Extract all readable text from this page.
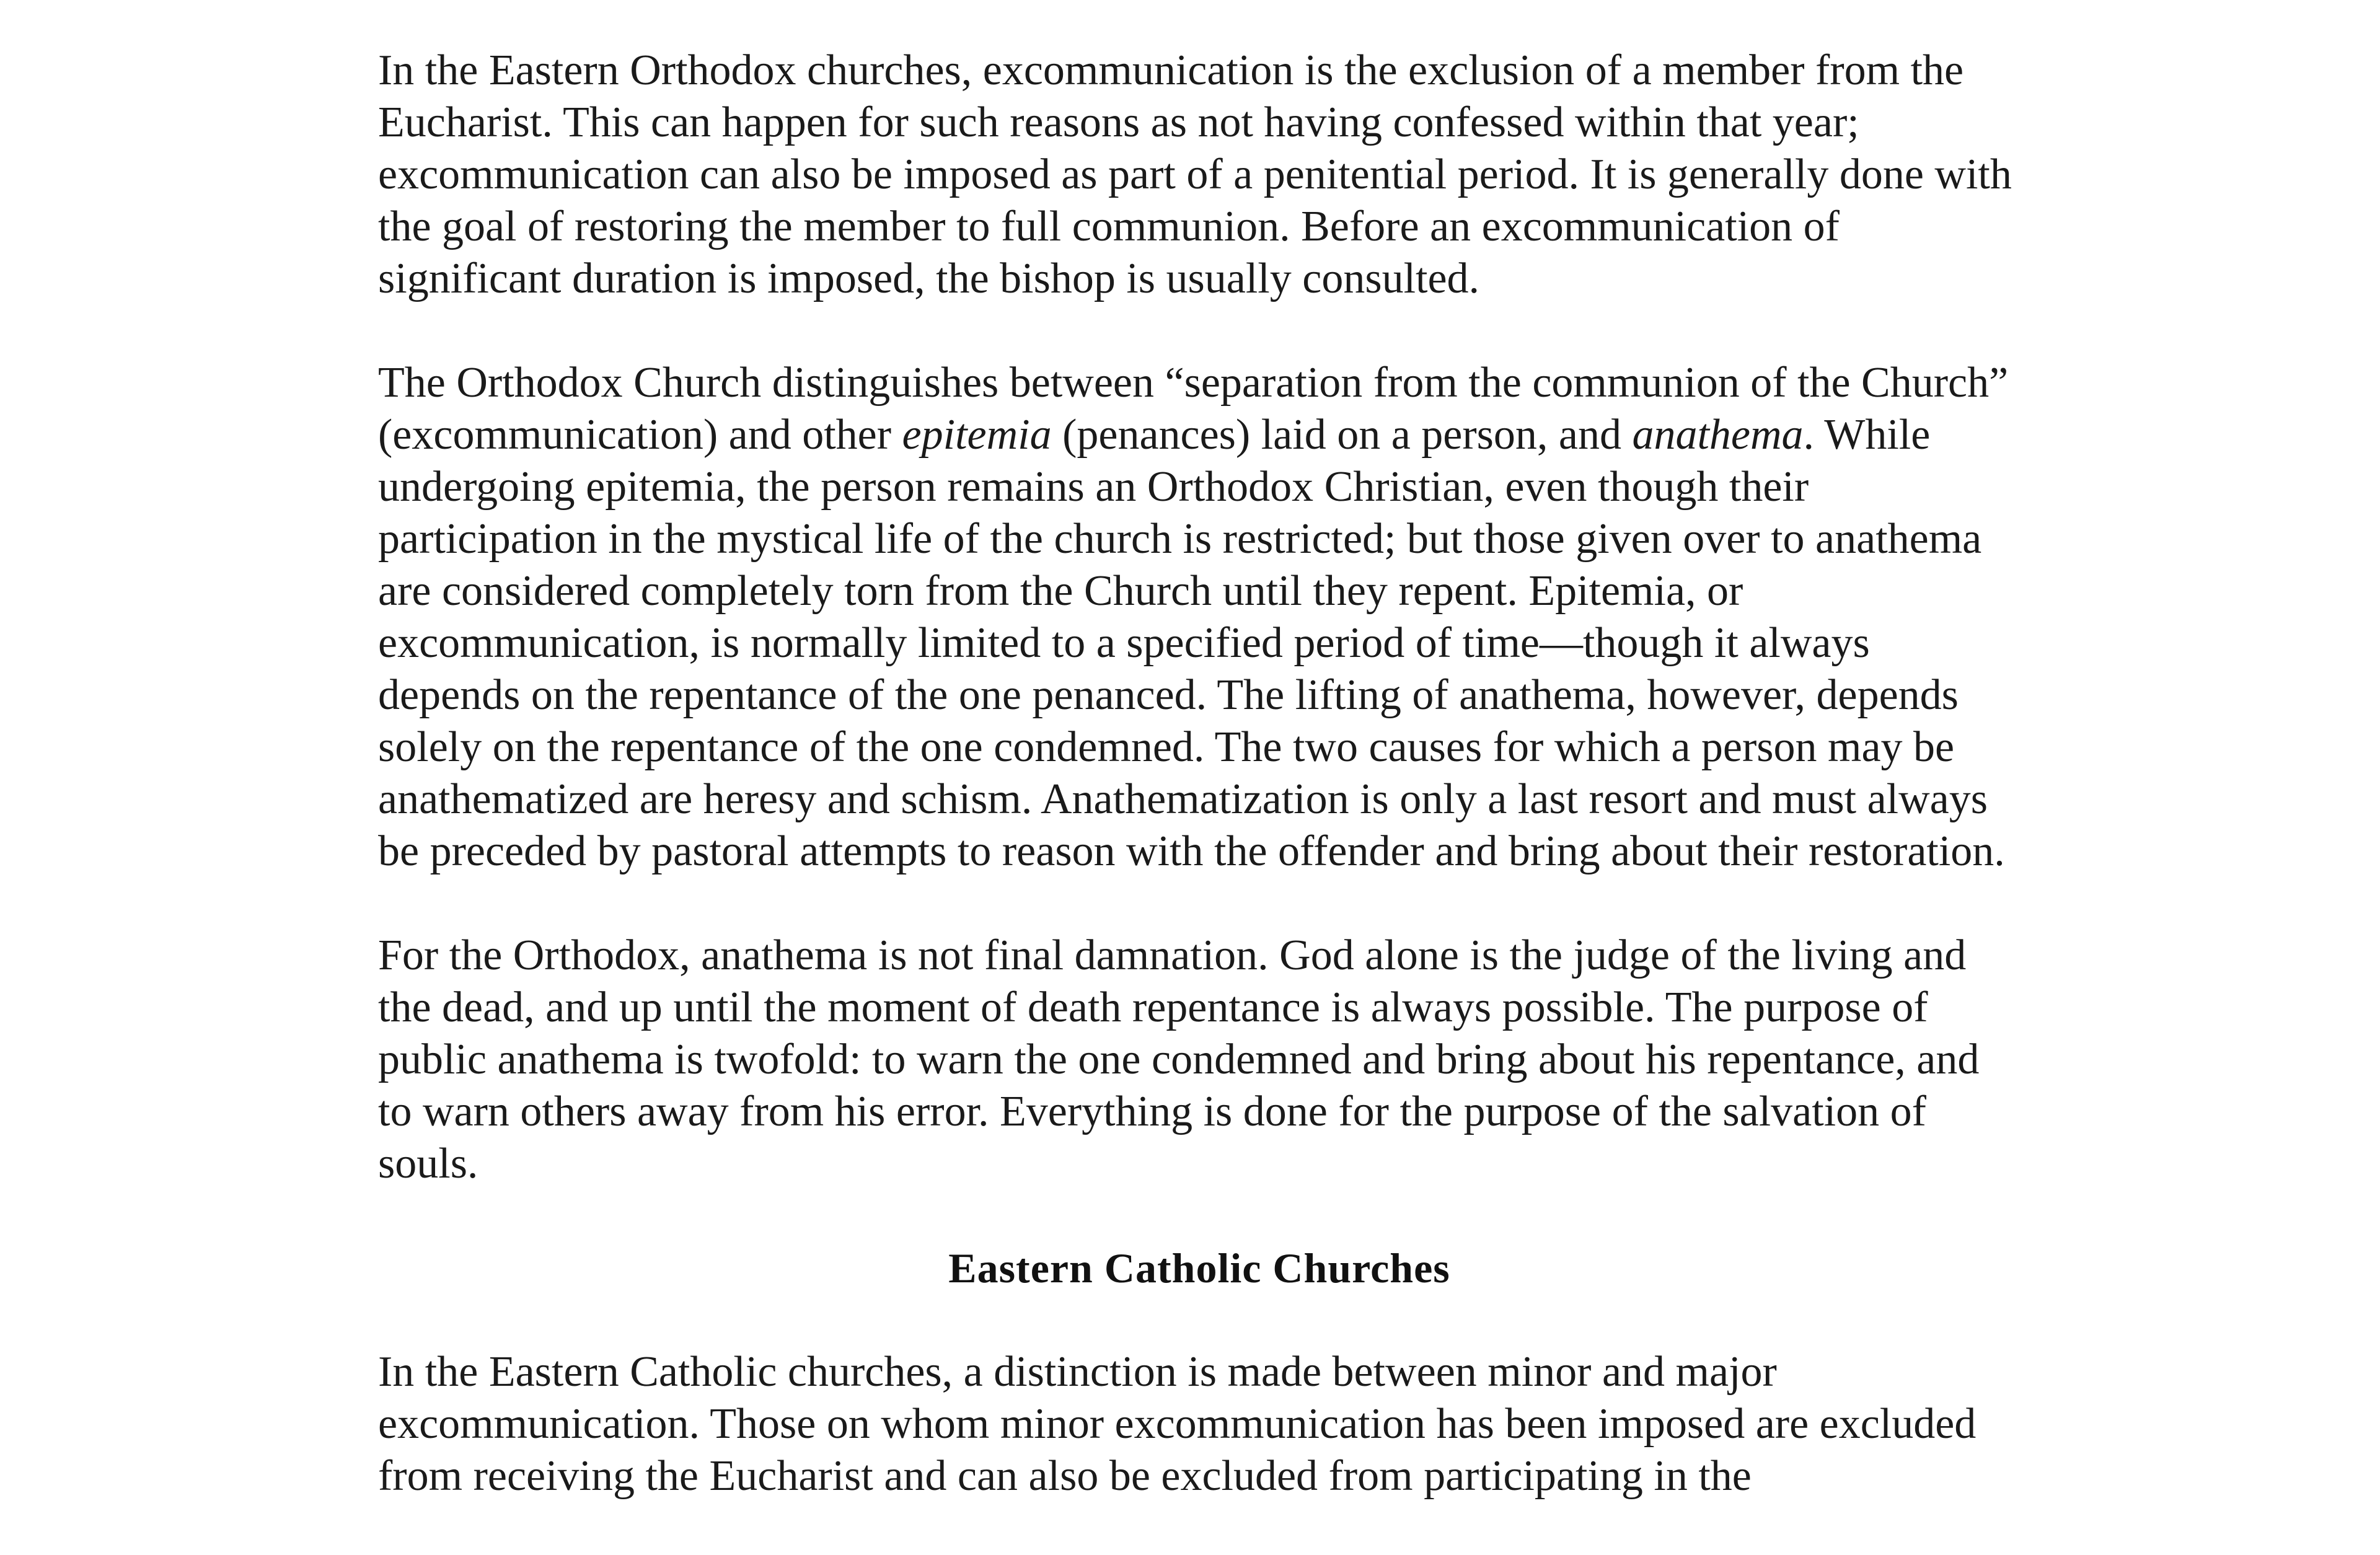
In the Eastern Orthodox churches, excommunication is the exclusion of a member from the Eucharist. This can happen for such reasons as not having confessed within that year; excommunication can also be imposed as part of a penitential period. It is generally done with the goal of restoring the member to full communion. Before an excommunication of significant duration is imposed, the bishop is usually consulted.

The Orthodox Church distinguishes between “separation from the communion of the Church” (excommunication) and other epitemia (penances) laid on a person, and anathema. While undergoing epitemia, the person remains an Orthodox Christian, even though their participation in the mystical life of the church is restricted; but those given over to anathema are considered completely torn from the Church until they repent. Epitemia, or excommunication, is normally limited to a specified period of time—though it always depends on the repentance of the one penanced. The lifting of anathema, however, depends solely on the repentance of the one condemned. The two causes for which a person may be anathematized are heresy and schism. Anathematization is only a last resort and must always be preceded by pastoral attempts to reason with the offender and bring about their restoration.

For the Orthodox, anathema is not final damnation. God alone is the judge of the living and the dead, and up until the moment of death repentance is always possible. The purpose of public anathema is twofold: to warn the one condemned and bring about his repentance, and to warn others away from his error. Everything is done for the purpose of the salvation of souls.

Eastern Catholic Churches

In the Eastern Catholic churches, a distinction is made between minor and major excommunication. Those on whom minor excommunication has been imposed are excluded from receiving the Eucharist and can also be excluded from participating in the
